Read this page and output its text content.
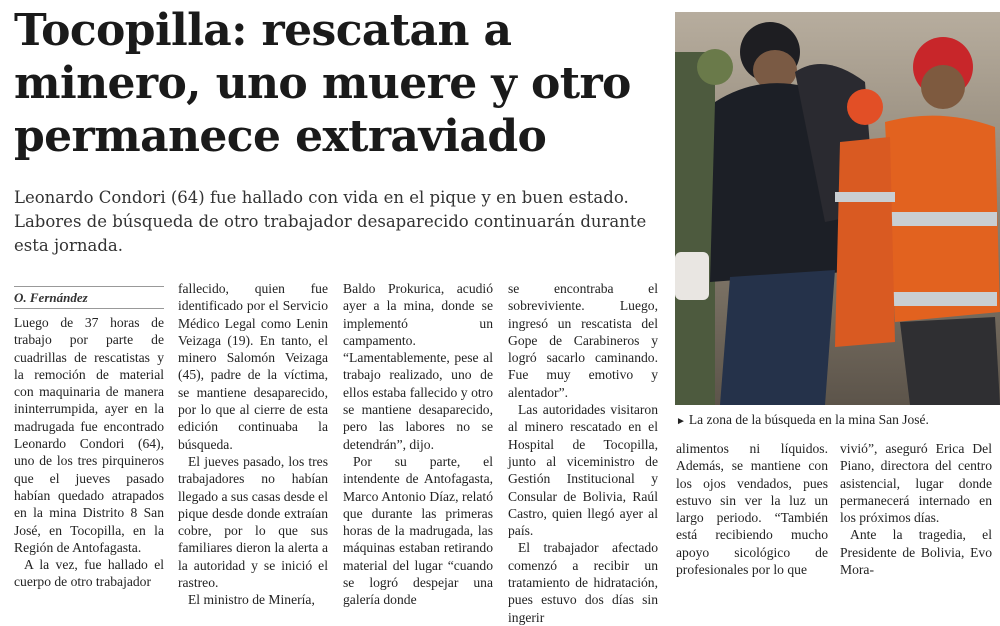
Tocopilla: rescatan a minero, uno muere y otro permanece extraviado

Leonardo Condori (64) fue hallado con vida en el pique y en buen estado. Labores de búsqueda de otro trabajador desaparecido continuarán durante esta jornada.

O. Fernández

Luego de 37 horas de trabajo por parte de cuadrillas de rescatistas y la remoción de material con maquinaria de manera ininterrumpida, ayer en la madrugada fue encontrado Leonardo Condori (64), uno de los tres pirquineros que el jueves pasado habían quedado atrapados en la mina Distrito 8 San José, en Tocopilla, en la Región de Antofagasta.

A la vez, fue hallado el cuerpo de otro trabajador

fallecido, quien fue identificado por el Servicio Médico Legal como Lenin Veizaga (19). En tanto, el minero Salomón Veizaga (45), padre de la víctima, se mantiene desaparecido, por lo que al cierre de esta edición continuaba la búsqueda.

El jueves pasado, los tres trabajadores no habían llegado a sus casas desde el pique desde donde extraían cobre, por lo que sus familiares dieron la alerta a la autoridad y se inició el rastreo.

El ministro de Minería,

Baldo Prokurica, acudió ayer a la mina, donde se implementó un campamento. “Lamentablemente, pese al trabajo realizado, uno de ellos estaba fallecido y otro se mantiene desaparecido, pero las labores no se detendrán”, dijo.

Por su parte, el intendente de Antofagasta, Marco Antonio Díaz, relató que durante las primeras horas de la madrugada, las máquinas estaban retirando material del lugar “cuando se logró despejar una galería donde

se encontraba el sobreviviente. Luego, ingresó un rescatista del Gope de Carabineros y logró sacarlo caminando. Fue muy emotivo y alentador”.

Las autoridades visitaron al minero rescatado en el Hospital de Tocopilla, junto al viceministro de Gestión Institucional y Consular de Bolivia, Raúl Castro, quien llegó ayer al país.

El trabajador afectado comenzó a recibir un tratamiento de hidratación, pues estuvo dos días sin ingerir

► La zona de la búsqueda en la mina San José.

alimentos ni líquidos. Además, se mantiene con los ojos vendados, pues estuvo sin ver la luz un largo periodo. “También está recibiendo mucho apoyo sicológico de profesionales por lo que

vivió”, aseguró Erica Del Piano, directora del centro asistencial, lugar donde permanecerá internado en los próximos días.

Ante la tragedia, el Presidente de Bolivia, Evo Mora-
